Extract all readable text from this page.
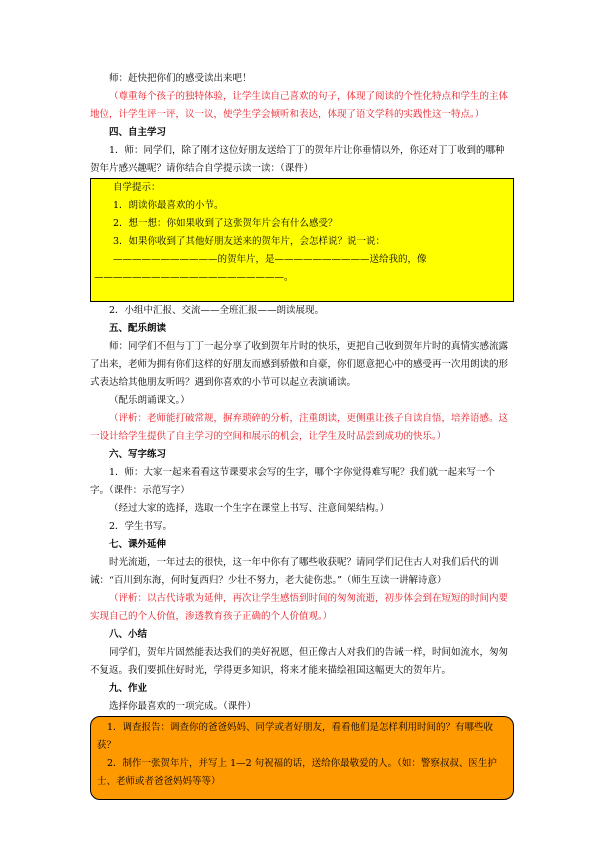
师：赶快把你们的感受读出来吧！

（尊重每个孩子的独特体验，让学生读自己喜欢的句子，体现了阅读的个性化特点和学生的主体地位，计学生评一评，议一议，使学生学会倾听和表达，体现了语文学科的实践性这一特点。）

四、自主学习

1．师：同学们，除了刚才这位好朋友送给丁丁的贺年片让你垂情以外，你还对丁丁收到的哪种贺年片感兴趣呢？请你结合自学提示读一读：（课件）

自学提示：

1．朗读你最喜欢的小节。

2．想一想：你如果收到了这张贺年片会有什么感受？

3．如果你收到了其他好朋友送来的贺年片，会怎样说？说一说：

———————————的贺年片，是——————————送给我的，像————————————————————。

2．小组中汇报、交流——全班汇报——朗读展现。

五、配乐朗读

师：同学们不但与丁丁一起分享了收到贺年片时的快乐，更把自己收到贺年片时的真情实感流露了出来，老师为拥有你们这样的好朋友而感到骄傲和自豪，你们愿意把心中的感受再一次用朗读的形式表达给其他朋友听吗？遇到你喜欢的小节可以起立表演诵读。

（配乐朗诵课文。）

（评析：老师能打破常规，摒弃琐碎的分析，注重朗读，更侧重让孩子自读自悟，培养语感。这一设计给学生提供了自主学习的空间和展示的机会，让学生及时品尝到成功的快乐。）

六、写字练习

1．师：大家一起来看看这节课要求会写的生字，哪个字你觉得难写呢？我们就一起来写一个字。（课件：示范写字）

（经过大家的选择，选取一个生字在课堂上书写、注意间架结构。）

2．学生书写。

七、课外延伸

时光流逝，一年过去的很快，这一年中你有了哪些收获呢？请同学们记住古人对我们后代的训诫：“百川到东海，何时复西归？少壮不努力，老大徒伤悲。”（师生互读一讲解诗意）

（评析：以古代诗歌为延伸，再次让学生感悟到时间的匆匆流逝，初步体会到在短短的时间内要实现自己的个人价值，渗透教育孩子正确的个人价值观。）

八、小结

同学们，贺年片固然能表达我们的美好祝愿，但正像古人对我们的告诫一样，时间如流水，匆匆不复返。我们要抓住好时光，学得更多知识，将来才能来描绘祖国这幅更大的贺年片。

九、作业

选择你最喜欢的一项完成。（课件）

1．调查报告：调查你的爸爸妈妈、同学或者好朋友，看看他们是怎样利用时间的？有哪些收获？

2．制作一张贺年片，并写上 1—2 句祝福的话，送给你最敬爱的人。（如：警察叔叔、医生护士、老师或者爸爸妈妈等等）
